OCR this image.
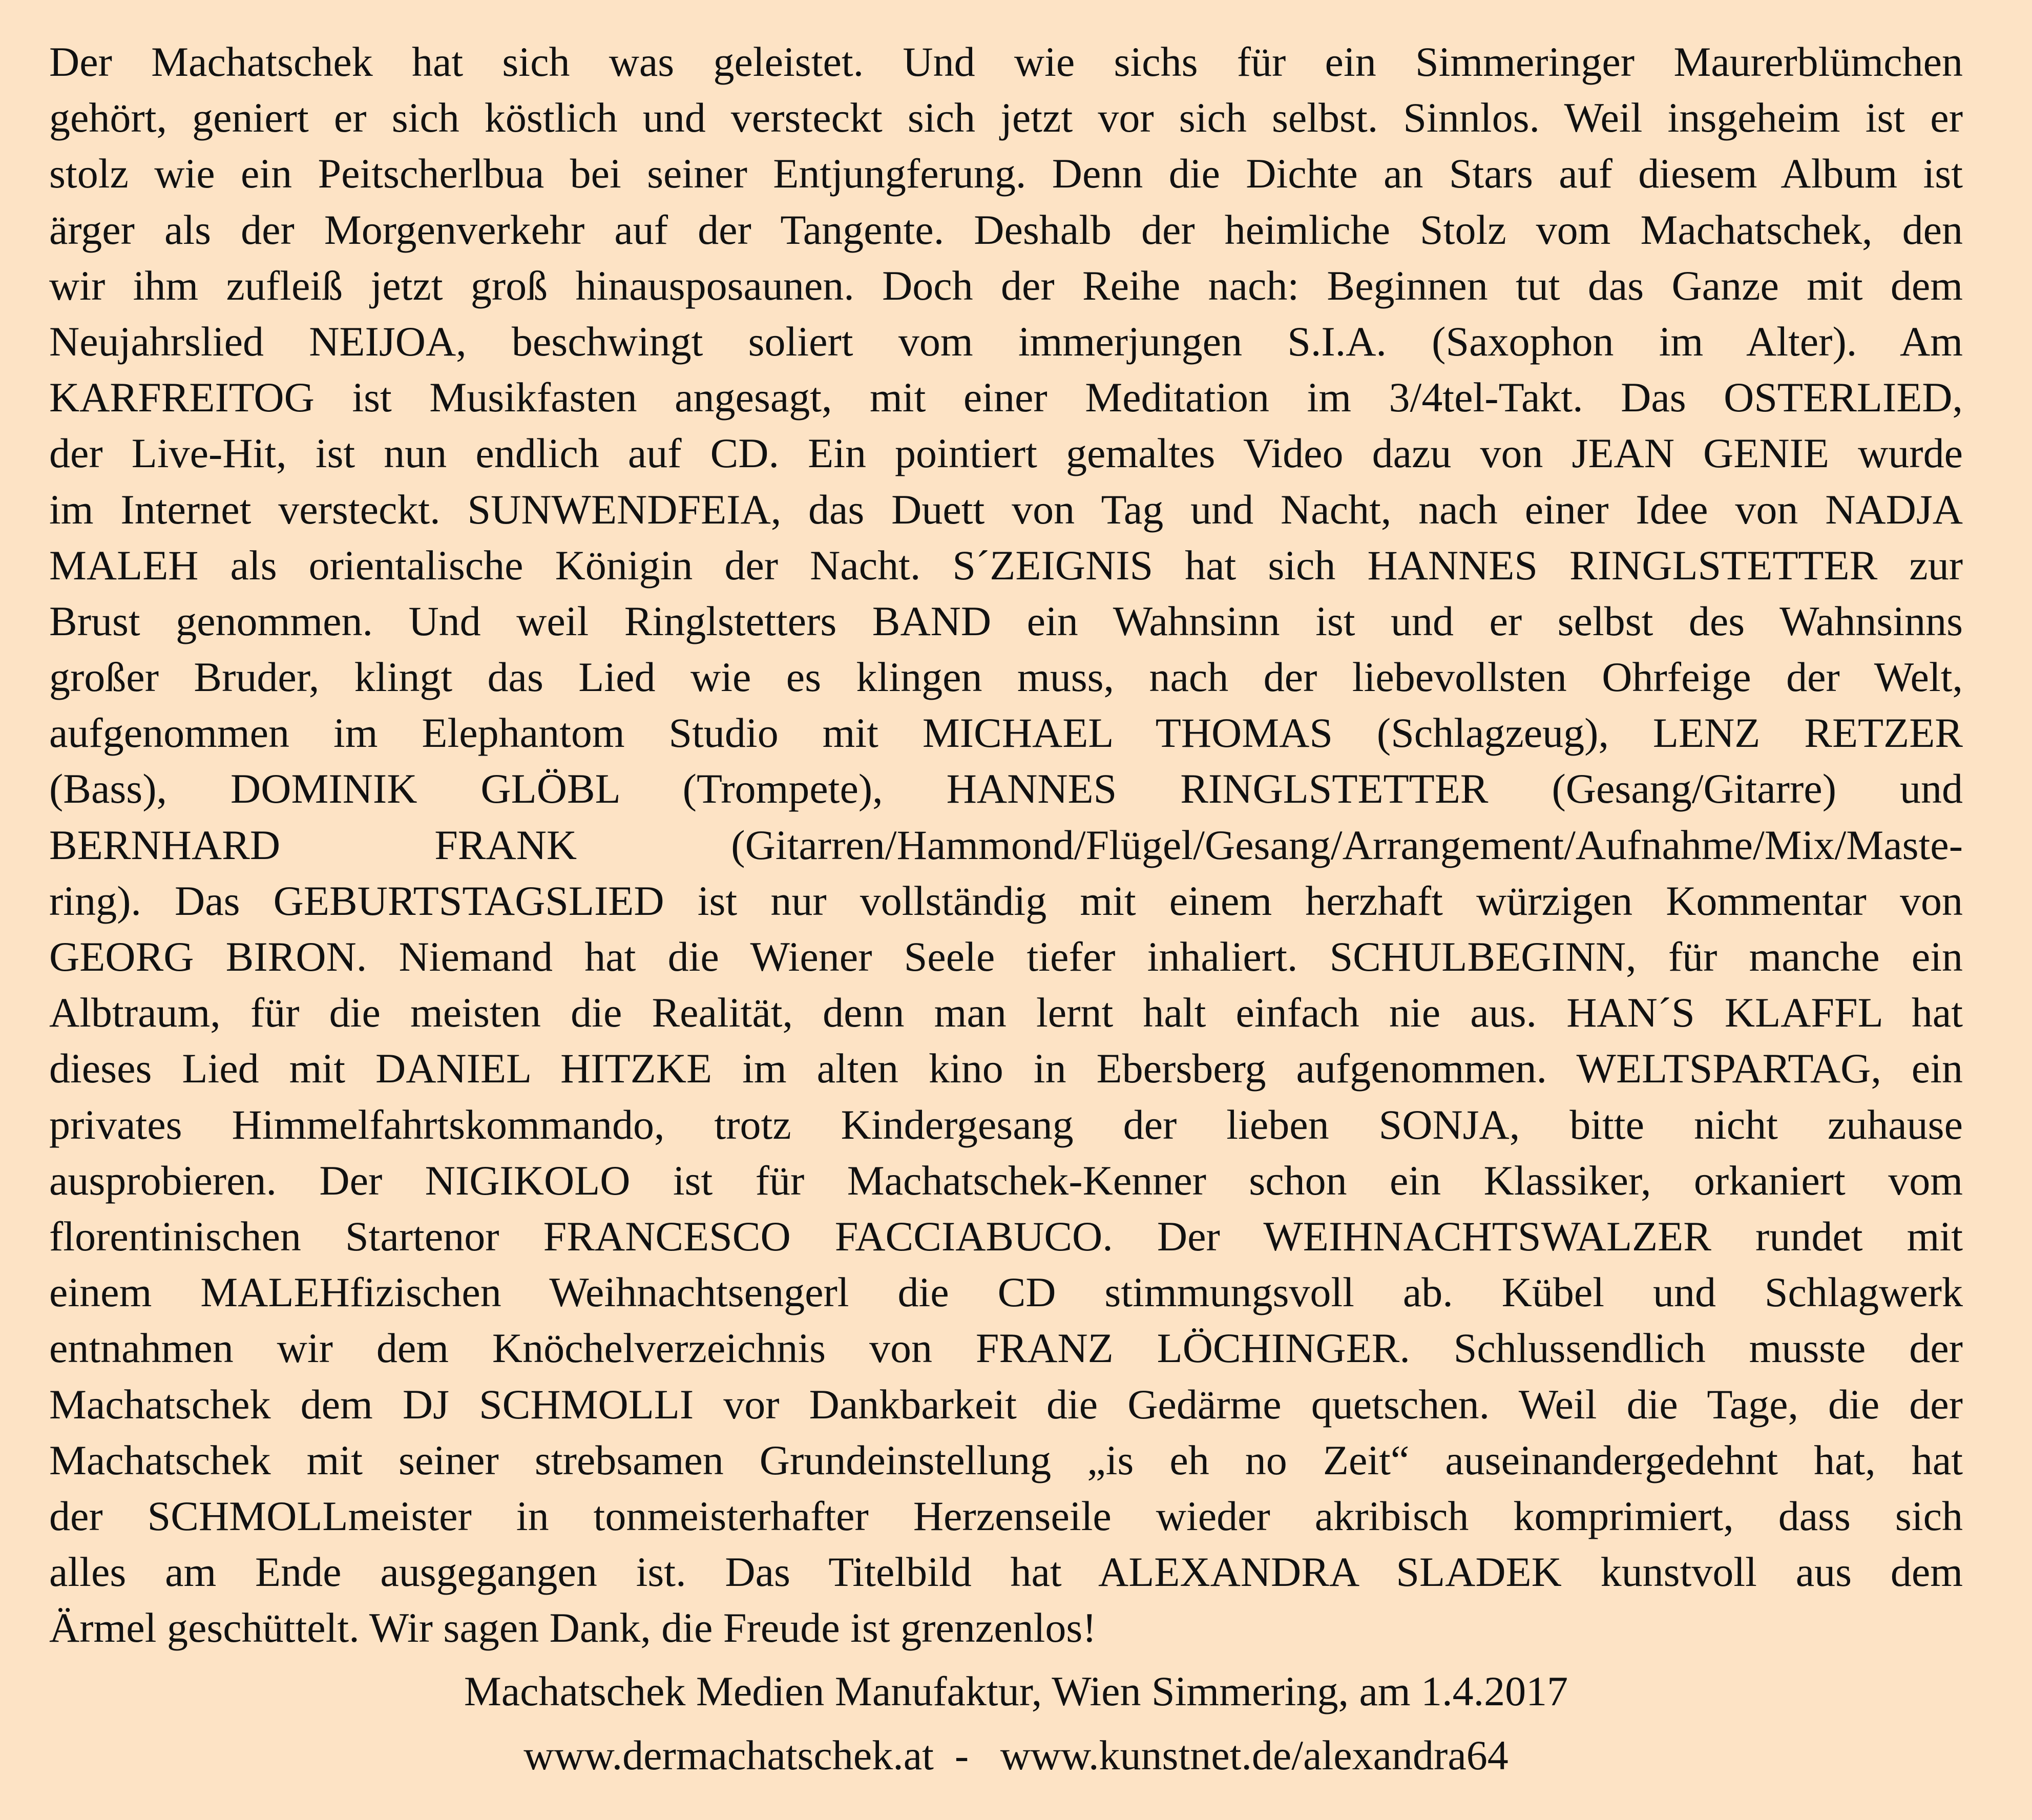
Der Machatschek hat sich was geleistet. Und wie sichs für ein Simmeringer Maurerblümchen
gehört, geniert er sich köstlich und versteckt sich jetzt vor sich selbst. Sinnlos. Weil insgeheim ist er
stolz wie ein Peitscherlbua bei seiner Entjungferung. Denn die Dichte an Stars auf diesem Album ist
ärger als der Morgenverkehr auf der Tangente. Deshalb der heimliche Stolz vom Machatschek, den
wir ihm zufleiß jetzt groß hinausposaunen. Doch der Reihe nach: Beginnen tut das Ganze mit dem
Neujahrslied NEIJOA, beschwingt soliert vom immerjungen S.I.A. (Saxophon im Alter). Am
KARFREITOG ist Musikfasten angesagt, mit einer Meditation im 3/4tel-Takt. Das OSTERLIED,
der Live-Hit, ist nun endlich auf CD. Ein pointiert gemaltes Video dazu von JEAN GENIE wurde
im Internet versteckt. SUNWENDFEIA, das Duett von Tag und Nacht, nach einer Idee von NADJA
MALEH als orientalische Königin der Nacht. S´ZEIGNIS hat sich HANNES RINGLSTETTER zur
Brust genommen. Und weil Ringlstetters BAND ein Wahnsinn ist und er selbst des Wahnsinns
großer Bruder, klingt das Lied wie es klingen muss, nach der liebevollsten Ohrfeige der Welt,
aufgenommen im Elephantom Studio mit MICHAEL THOMAS (Schlagzeug), LENZ RETZER
(Bass), DOMINIK GLÖBL (Trompete), HANNES RINGLSTETTER (Gesang/Gitarre) und
BERNHARD FRANK (Gitarren/Hammond/Flügel/Gesang/Arrangement/Aufnahme/Mix/Maste-
ring). Das GEBURTSTAGSLIED ist nur vollständig mit einem herzhaft würzigen Kommentar von
GEORG BIRON. Niemand hat die Wiener Seele tiefer inhaliert. SCHULBEGINN, für manche ein
Albtraum, für die meisten die Realität, denn man lernt halt einfach nie aus. HAN´S KLAFFL hat
dieses Lied mit DANIEL HITZKE im alten kino in Ebersberg aufgenommen. WELTSPARTAG, ein
privates Himmelfahrtskommando, trotz Kindergesang der lieben SONJA, bitte nicht zuhause
ausprobieren. Der NIGIKOLO ist für Machatschek-Kenner schon ein Klassiker, orkaniert vom
florentinischen Startenor FRANCESCO FACCIABUCO. Der WEIHNACHTSWALZER rundet mit
einem MALEHfizischen Weihnachtsengerl die CD stimmungsvoll ab. Kübel und Schlagwerk
entnahmen wir dem Knöchelverzeichnis von FRANZ LÖCHINGER. Schlussendlich musste der
Machatschek dem DJ SCHMOLLI vor Dankbarkeit die Gedärme quetschen. Weil die Tage, die der
Machatschek mit seiner strebsamen Grundeinstellung „is eh no Zeit“ auseinandergedehnt hat, hat
der SCHMOLLmeister in tonmeisterhafter Herzenseile wieder akribisch komprimiert, dass sich
alles am Ende ausgegangen ist. Das Titelbild hat ALEXANDRA SLADEK kunstvoll aus dem
Ärmel geschüttelt. Wir sagen Dank, die Freude ist grenzenlos!

Machatschek Medien Manufaktur, Wien Simmering, am 1.4.2017

www.dermachatschek.at  -   www.kunstnet.de/alexandra64
